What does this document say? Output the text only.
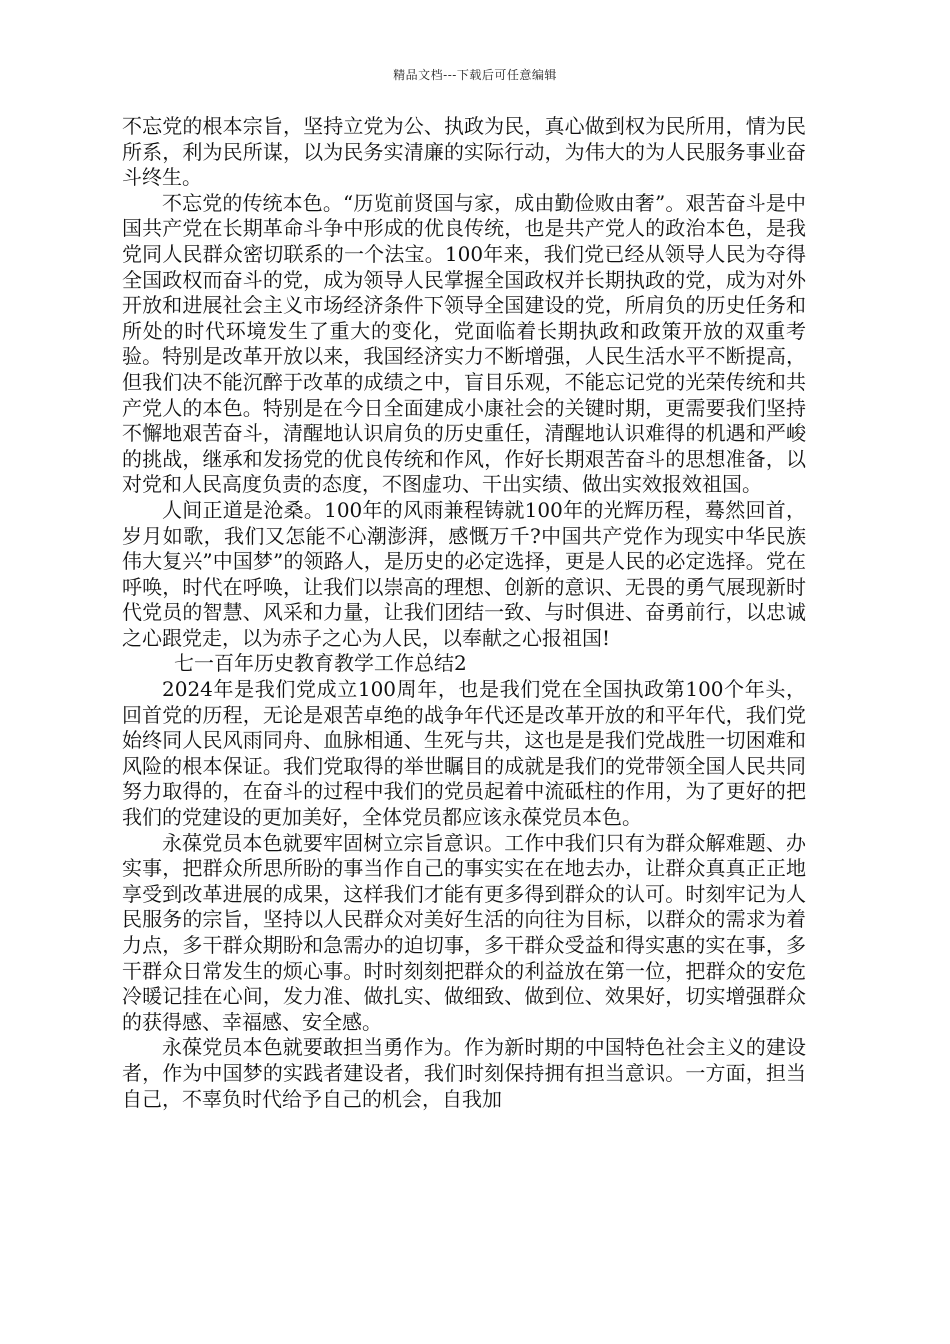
精品文档---下载后可任意编辑

不忘党的根本宗旨，坚持立党为公、执政为民，真心做到权为民所用，情为民所系，利为民所谋，以为民务实清廉的实际行动，为伟大的为人民服务事业奋斗终生。

不忘党的传统本色。“历览前贤国与家，成由勤俭败由奢”。艰苦奋斗是中国共产党在长期革命斗争中形成的优良传统，也是共产党人的政治本色，是我党同人民群众密切联系的一个法宝。100年来，我们党已经从领导人民为夺得全国政权而奋斗的党，成为领导人民掌握全国政权并长期执政的党，成为对外开放和进展社会主义市场经济条件下领导全国建设的党，所肩负的历史任务和所处的时代环境发生了重大的变化，党面临着长期执政和政策开放的双重考验。特别是改革开放以来，我国经济实力不断增强，人民生活水平不断提高，但我们决不能沉醉于改革的成绩之中，盲目乐观，不能忘记党的光荣传统和共产党人的本色。特别是在今日全面建成小康社会的关键时期，更需要我们坚持不懈地艰苦奋斗，清醒地认识肩负的历史重任，清醒地认识难得的机遇和严峻的挑战，继承和发扬党的优良传统和作风，作好长期艰苦奋斗的思想准备，以对党和人民高度负责的态度，不图虚功、干出实绩、做出实效报效祖国。

人间正道是沧桑。100年的风雨兼程铸就100年的光辉历程，蓦然回首，岁月如歌，我们又怎能不心潮澎湃，感慨万千?中国共产党作为现实中华民族伟大复兴”中国梦”的领路人，是历史的必定选择，更是人民的必定选择。党在呼唤，时代在呼唤，让我们以崇高的理想、创新的意识、无畏的勇气展现新时代党员的智慧、风采和力量，让我们团结一致、与时俱进、奋勇前行，以忠诚之心跟党走，以为赤子之心为人民，以奉献之心报祖国!

七一百年历史教育教学工作总结2

2024年是我们党成立100周年，也是我们党在全国执政第100个年头，回首党的历程，无论是艰苦卓绝的战争年代还是改革开放的和平年代，我们党始终同人民风雨同舟、血脉相通、生死与共，这也是是我们党战胜一切困难和风险的根本保证。我们党取得的举世瞩目的成就是我们的党带领全国人民共同努力取得的，在奋斗的过程中我们的党员起着中流砥柱的作用，为了更好的把我们的党建设的更加美好，全体党员都应该永葆党员本色。

永葆党员本色就要牢固树立宗旨意识。工作中我们只有为群众解难题、办实事，把群众所思所盼的事当作自己的事实实在在地去办，让群众真真正正地享受到改革进展的成果，这样我们才能有更多得到群众的认可。时刻牢记为人民服务的宗旨，坚持以人民群众对美好生活的向往为目标，以群众的需求为着力点，多干群众期盼和急需办的迫切事，多干群众受益和得实惠的实在事，多干群众日常发生的烦心事。时时刻刻把群众的利益放在第一位，把群众的安危冷暖记挂在心间，发力准、做扎实、做细致、做到位、效果好，切实增强群众的获得感、幸福感、安全感。

永葆党员本色就要敢担当勇作为。作为新时期的中国特色社会主义的建设者，作为中国梦的实践者建设者，我们时刻保持拥有担当意识。一方面，担当自己，不辜负时代给予自己的机会，自我加
